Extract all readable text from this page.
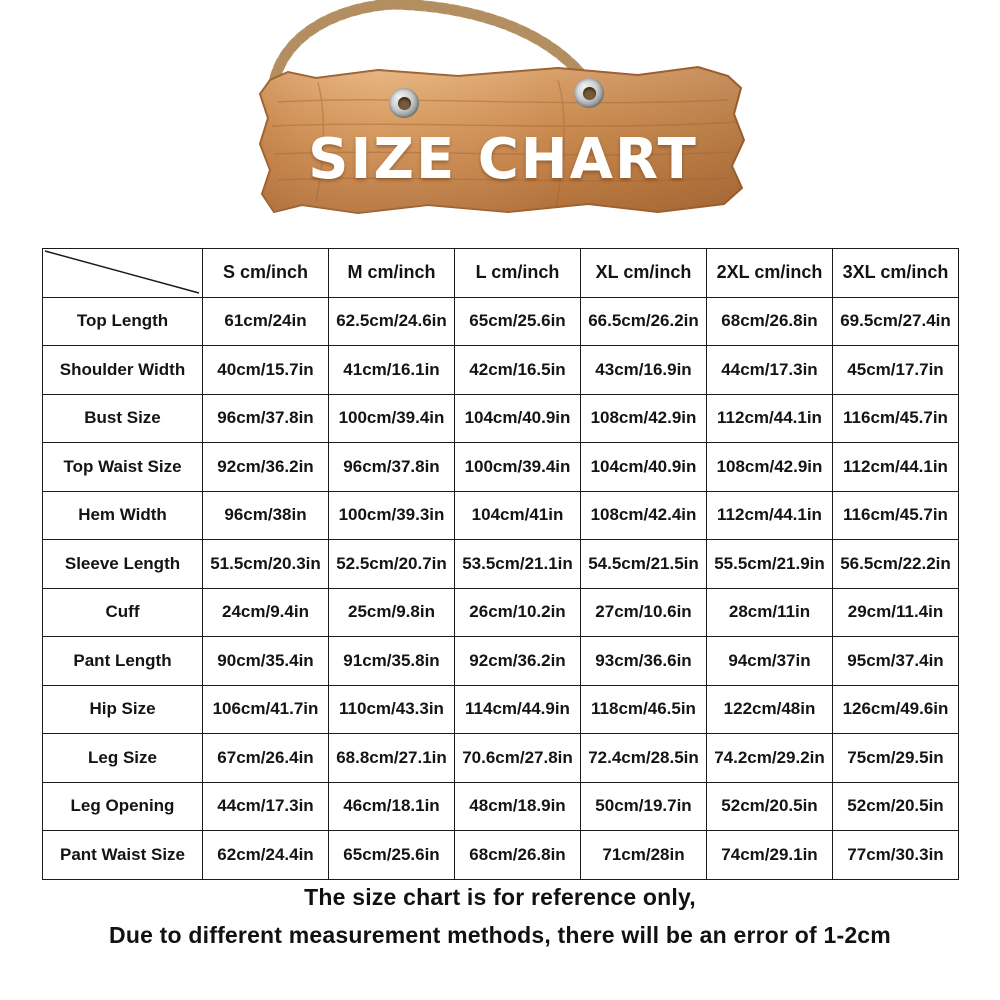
SIZE CHART
	S cm/inch	M cm/inch	L cm/inch	XL cm/inch	2XL cm/inch	3XL cm/inch
Top Length	61cm/24in	62.5cm/24.6in	65cm/25.6in	66.5cm/26.2in	68cm/26.8in	69.5cm/27.4in
Shoulder Width	40cm/15.7in	41cm/16.1in	42cm/16.5in	43cm/16.9in	44cm/17.3in	45cm/17.7in
Bust Size	96cm/37.8in	100cm/39.4in	104cm/40.9in	108cm/42.9in	112cm/44.1in	116cm/45.7in
Top Waist Size	92cm/36.2in	96cm/37.8in	100cm/39.4in	104cm/40.9in	108cm/42.9in	112cm/44.1in
Hem Width	96cm/38in	100cm/39.3in	104cm/41in	108cm/42.4in	112cm/44.1in	116cm/45.7in
Sleeve Length	51.5cm/20.3in	52.5cm/20.7in	53.5cm/21.1in	54.5cm/21.5in	55.5cm/21.9in	56.5cm/22.2in
Cuff	24cm/9.4in	25cm/9.8in	26cm/10.2in	27cm/10.6in	28cm/11in	29cm/11.4in
Pant Length	90cm/35.4in	91cm/35.8in	92cm/36.2in	93cm/36.6in	94cm/37in	95cm/37.4in
Hip Size	106cm/41.7in	110cm/43.3in	114cm/44.9in	118cm/46.5in	122cm/48in	126cm/49.6in
Leg Size	67cm/26.4in	68.8cm/27.1in	70.6cm/27.8in	72.4cm/28.5in	74.2cm/29.2in	75cm/29.5in
Leg Opening	44cm/17.3in	46cm/18.1in	48cm/18.9in	50cm/19.7in	52cm/20.5in	52cm/20.5in
Pant Waist Size	62cm/24.4in	65cm/25.6in	68cm/26.8in	71cm/28in	74cm/29.1in	77cm/30.3in
The size chart is for reference only,
Due to different measurement methods, there will be an error of 1-2cm
